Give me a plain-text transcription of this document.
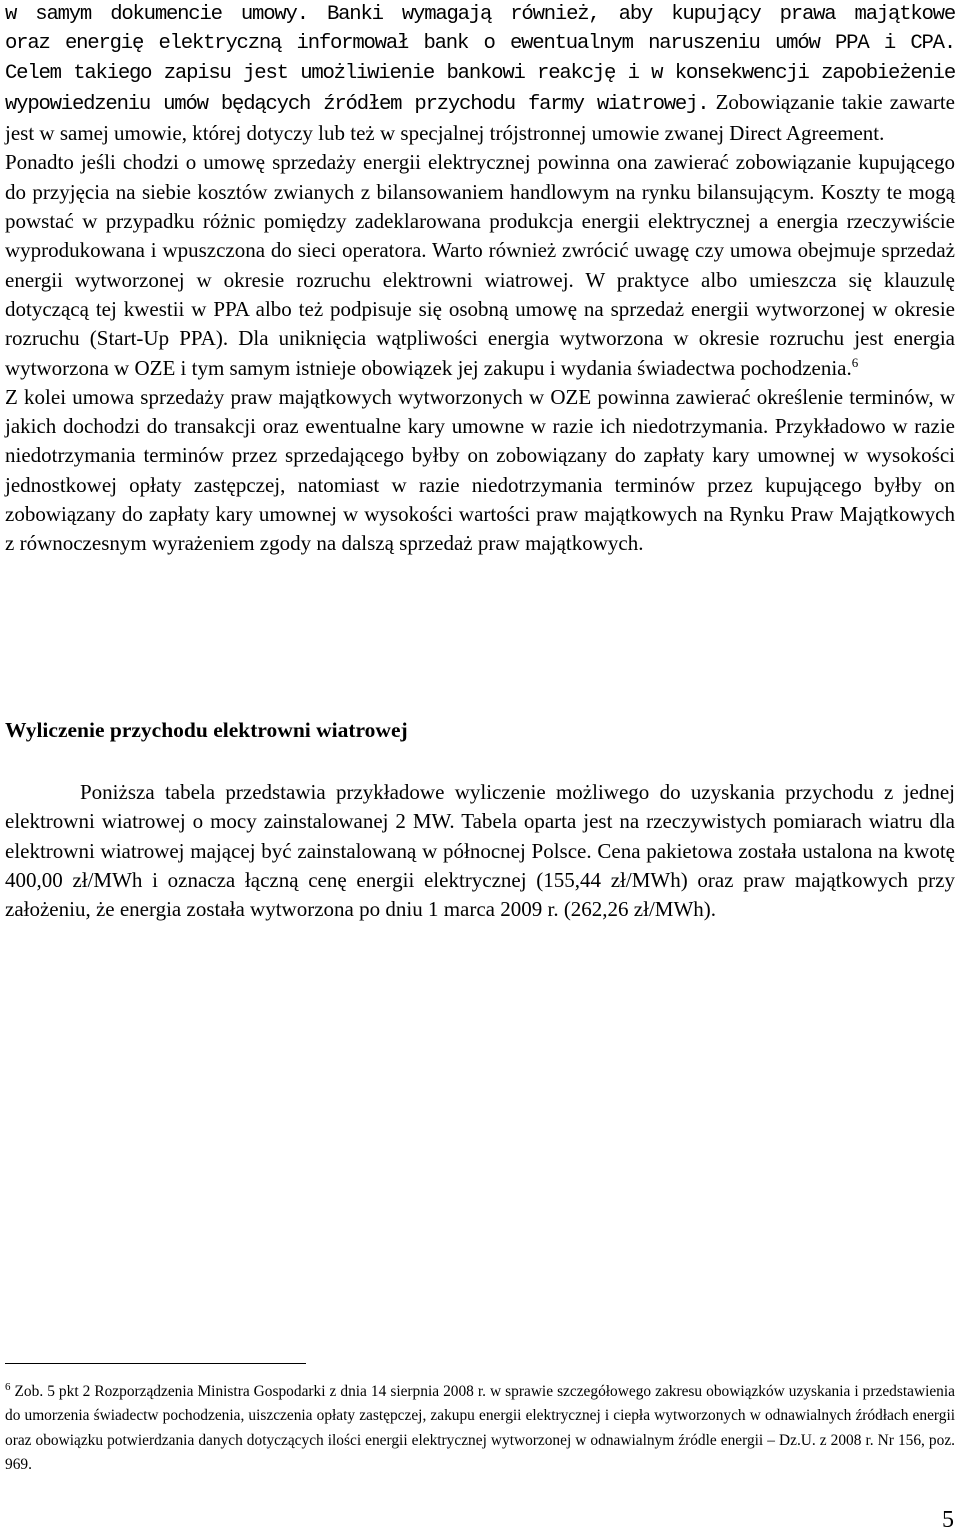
w samym dokumencie umowy. Banki wymagają również, aby kupujący prawa majątkowe
oraz energię elektryczną informował bank o ewentualnym naruszeniu umów PPA i CPA.
Celem takiego zapisu jest umożliwienie bankowi reakcję i w konsekwencji zapobieżenie

wypowiedzeniu umów będących źródłem przychodu farmy wiatrowej. Zobowiązanie takie zawarte jest w samej umowie, której dotyczy lub też w specjalnej trójstronnej umowie zwanej Direct Agreement.

Ponadto jeśli chodzi o umowę sprzedaży energii elektrycznej powinna ona zawierać zobowiązanie kupującego do przyjęcia na siebie kosztów zwianych z bilansowaniem handlowym na rynku bilansującym. Koszty te mogą powstać w przypadku różnic pomiędzy zadeklarowana produkcja energii elektrycznej a energia rzeczywiście wyprodukowana i wpuszczona do sieci operatora. Warto również zwrócić uwagę czy umowa obejmuje sprzedaż energii wytworzonej w okresie rozruchu elektrowni wiatrowej. W praktyce albo umieszcza się klauzulę dotyczącą tej kwestii w PPA albo też podpisuje się osobną umowę na sprzedaż energii wytworzonej w okresie rozruchu (Start-Up PPA). Dla uniknięcia wątpliwości energia wytworzona w okresie rozruchu jest energia wytworzona w OZE i tym samym istnieje obowiązek jej zakupu i wydania świadectwa pochodzenia.$^6$

Z kolei umowa sprzedaży praw majątkowych wytworzonych w OZE powinna zawierać określenie terminów, w jakich dochodzi do transakcji oraz ewentualne kary umowne w razie ich niedotrzymania. Przykładowo w razie niedotrzymania terminów przez sprzedającego byłby on zobowiązany do zapłaty kary umownej w wysokości jednostkowej opłaty zastępczej, natomiast w razie niedotrzymania terminów przez kupującego byłby on zobowiązany do zapłaty kary umownej w wysokości wartości praw majątkowych na Rynku Praw Majątkowych z równoczesnym wyrażeniem zgody na dalszą sprzedaż praw majątkowych.

Wyliczenie przychodu elektrowni wiatrowej

Poniższa tabela przedstawia przykładowe wyliczenie możliwego do uzyskania przychodu z jednej elektrowni wiatrowej o mocy zainstalowanej 2 MW. Tabela oparta jest na rzeczywistych pomiarach wiatru dla elektrowni wiatrowej mającej być zainstalowaną w północnej Polsce. Cena pakietowa została ustalona na kwotę 400,00 zł/MWh i oznacza łączną cenę energii elektrycznej (155,44 zł/MWh) oraz praw majątkowych przy założeniu, że energia została wytworzona po dniu 1 marca 2009 r. (262,26 zł/MWh).

$^6$ Zob. 5 pkt 2 Rozporządzenia Ministra Gospodarki z dnia 14 sierpnia 2008 r. w sprawie szczegółowego zakresu obowiązków uzyskania i przedstawienia do umorzenia świadectw pochodzenia, uiszczenia opłaty zastępczej, zakupu energii elektrycznej i ciepła wytworzonych w odnawialnych źródłach energii oraz obowiązku potwierdzania danych dotyczących ilości energii elektrycznej wytworzonej w odnawialnym źródle energii – Dz.U. z 2008 r. Nr 156, poz. 969.

5
